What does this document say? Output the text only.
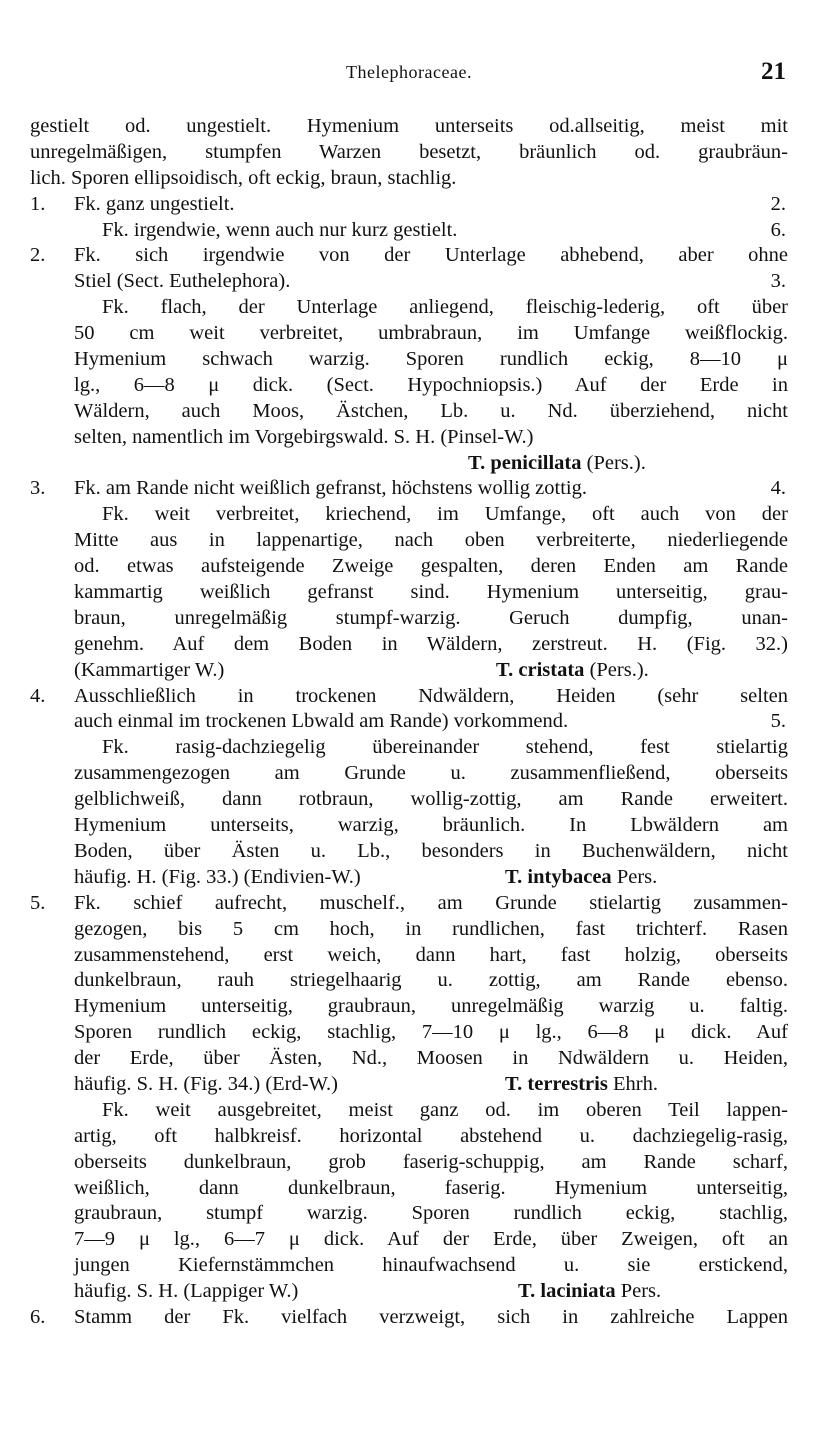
Thelephoraceae.	21
gestielt od. ungestielt. Hymenium unterseits od.allseitig, meist mit
unregelmäßigen, stumpfen Warzen besetzt, bräunlich od. graubräun-
lich. Sporen ellipsoidisch, oft eckig, braun, stachlig.
1.	Fk. ganz ungestielt.	2.
Fk. irgendwie, wenn auch nur kurz gestielt.	6.
2.	Fk. sich irgendwie von der Unterlage abhebend, aber ohne
Stiel (Sect. Euthelephora).	3.
Fk. flach, der Unterlage anliegend, fleischig-lederig, oft über
50 cm weit verbreitet, umbrabraun, im Umfange weißflockig.
Hymenium schwach warzig. Sporen rundlich eckig, 8—10 μ
lg., 6—8 μ dick. (Sect. Hypochniopsis.) Auf der Erde in
Wäldern, auch Moos, Ästchen, Lb. u. Nd. überziehend, nicht
selten, namentlich im Vorgebirgswald. S. H. (Pinsel-W.)
T. penicillata (Pers.).
3.	Fk. am Rande nicht weißlich gefranst, höchstens wollig zottig.	4.
Fk. weit verbreitet, kriechend, im Umfange, oft auch von der
Mitte aus in lappenartige, nach oben verbreiterte, niederliegende
od. etwas aufsteigende Zweige gespalten, deren Enden am Rande
kammartig weißlich gefranst sind. Hymenium unterseitig, grau-
braun, unregelmäßig stumpf-warzig. Geruch dumpfig, unan-
genehm. Auf dem Boden in Wäldern, zerstreut. H. (Fig. 32.)
(Kammartiger W.)	T. cristata (Pers.).
4.	Ausschließlich in trockenen Ndwäldern, Heiden (sehr selten
auch einmal im trockenen Lbwald am Rande) vorkommend.	5.
Fk. rasig-dachziegelig übereinander stehend, fest stielartig
zusammengezogen am Grunde u. zusammenfließend, oberseits
gelblichweiß, dann rotbraun, wollig-zottig, am Rande erweitert.
Hymenium unterseits, warzig, bräunlich. In Lbwäldern am
Boden, über Ästen u. Lb., besonders in Buchenwäldern, nicht
häufig. H. (Fig. 33.) (Endivien-W.)	T. intybacea Pers.
5.	Fk. schief aufrecht, muschelf., am Grunde stielartig zusammen-
gezogen, bis 5 cm hoch, in rundlichen, fast trichterf. Rasen
zusammenstehend, erst weich, dann hart, fast holzig, oberseits
dunkelbraun, rauh striegelhaarig u. zottig, am Rande ebenso.
Hymenium unterseitig, graubraun, unregelmäßig warzig u. faltig.
Sporen rundlich eckig, stachlig, 7—10 μ lg., 6—8 μ dick. Auf
der Erde, über Ästen, Nd., Moosen in Ndwäldern u. Heiden,
häufig. S. H. (Fig. 34.) (Erd-W.)	T. terrestris Ehrh.
Fk. weit ausgebreitet, meist ganz od. im oberen Teil lappen-
artig, oft halbkreisf. horizontal abstehend u. dachziegelig-rasig,
oberseits dunkelbraun, grob faserig-schuppig, am Rande scharf,
weißlich, dann dunkelbraun, faserig. Hymenium unterseitig,
graubraun, stumpf warzig. Sporen rundlich eckig, stachlig,
7—9 μ lg., 6—7 μ dick. Auf der Erde, über Zweigen, oft an
jungen Kiefernstämmchen hinaufwachsend u. sie erstickend,
häufig. S. H. (Lappiger W.)	T. laciniata Pers.
6.	Stamm der Fk. vielfach verzweigt, sich in zahlreiche Lappen
